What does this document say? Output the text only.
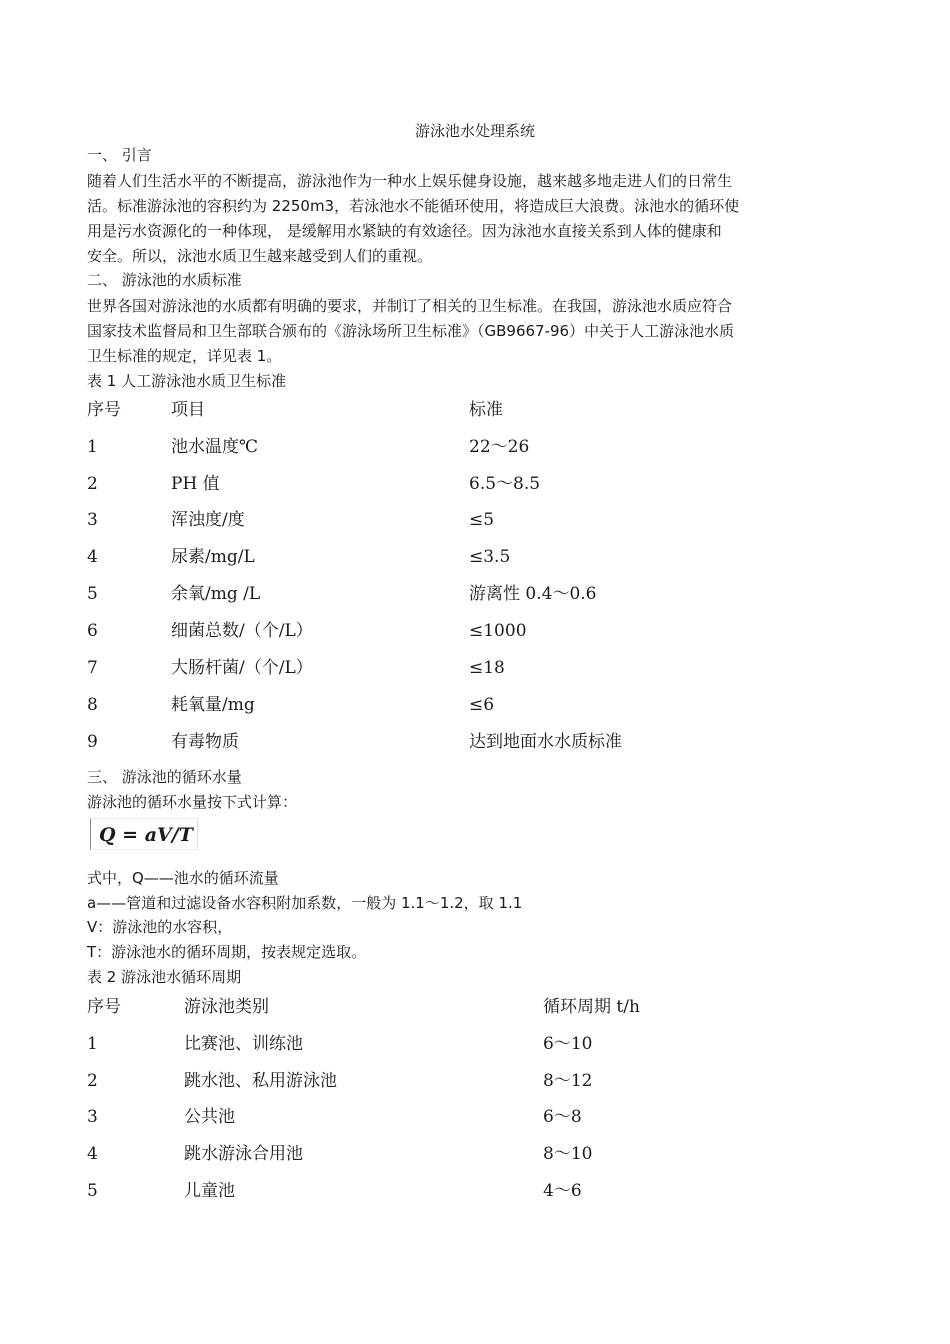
游泳池水处理系统
一、 引言
随着人们生活水平的不断提高，游泳池作为一种水上娱乐健身设施，越来越多地走进人们的日常生
活。标准游泳池的容积约为 2250m3，若泳池水不能循环使用，将造成巨大浪费。泳池水的循环使
用是污水资源化的一种体现， 是缓解用水紧缺的有效途径。因为泳池水直接关系到人体的健康和
安全。所以，泳池水质卫生越来越受到人们的重视。
二、 游泳池的水质标准
世界各国对游泳池的水质都有明确的要求，并制订了相关的卫生标准。在我国，游泳池水质应符合
国家技术监督局和卫生部联合颁布的《游泳场所卫生标准》（GB9667-96）中关于人工游泳池水质
卫生标准的规定，详见表 1。
表 1 人工游泳池水质卫生标准
序号	项目	标准
1	池水温度℃	22～26
2	PH 值	6.5～8.5
3	浑浊度/度	≤5
4	尿素/mg/L	≤3.5
5	余氧/mg /L	游离性 0.4～0.6
6	细菌总数/（个/L）	≤1000
7	大肠杆菌/（个/L）	≤18
8	耗氧量/mg	≤6
9	有毒物质	达到地面水水质标准
三、 游泳池的循环水量
游泳池的循环水量按下式计算：
Q = aV/T
式中，Q——池水的循环流量
a——管道和过滤设备水容积附加系数，一般为 1.1～1.2，取 1.1
V：游泳池的水容积，
T：游泳池水的循环周期，按表规定选取。
表 2 游泳池水循环周期
序号	游泳池类别	循环周期 t/h
1	比赛池、训练池	6～10
2	跳水池、私用游泳池	8～12
3	公共池	6～8
4	跳水游泳合用池	8～10
5	儿童池	4～6
